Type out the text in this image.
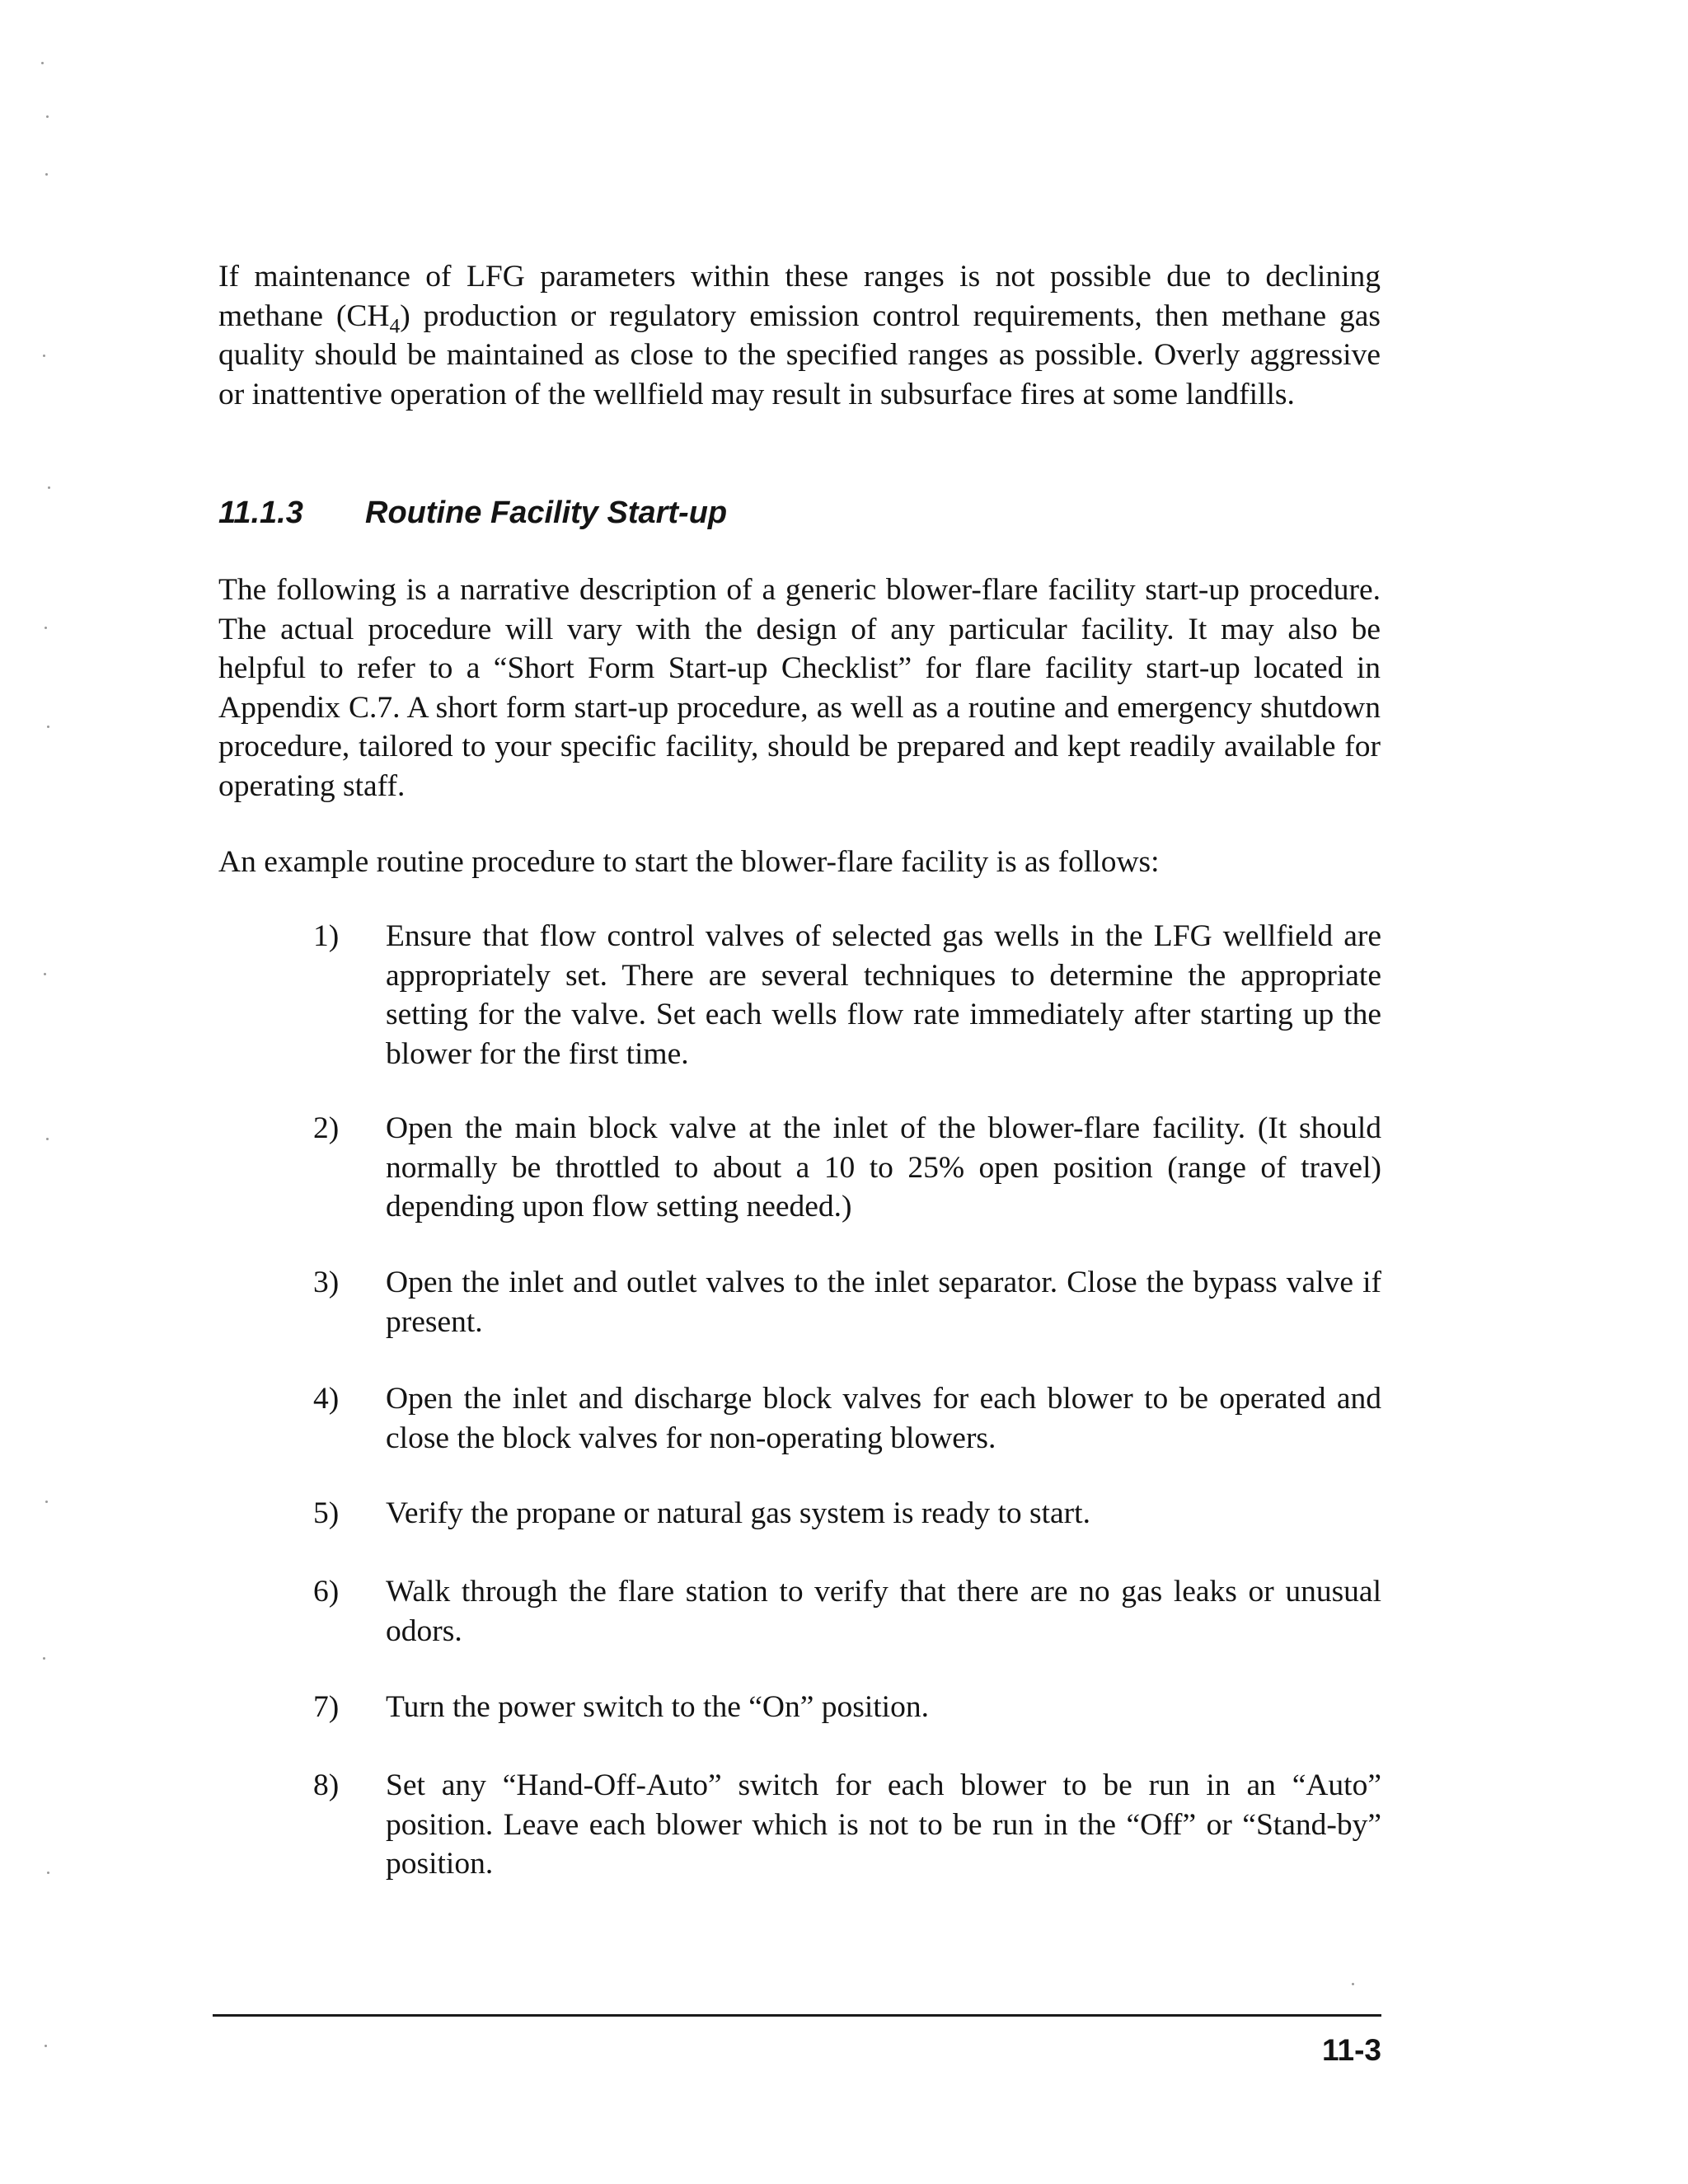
If maintenance of LFG parameters within these ranges is not possible due to declining methane $(CH_4)$ production or regulatory emission control requirements, then methane gas quality should be maintained as close to the specified ranges as possible. Overly aggressive or inattentive operation of the wellfield may result in subsurface fires at some landfills.

11.1.3 Routine Facility Start-up

The following is a narrative description of a generic blower-flare facility start-up procedure. The actual procedure will vary with the design of any particular facility. It may also be helpful to refer to a “Short Form Start-up Checklist” for flare facility start-up located in Appendix C.7. A short form start-up procedure, as well as a routine and emergency shutdown procedure, tailored to your specific facility, should be prepared and kept readily available for operating staff.

An example routine procedure to start the blower-flare facility is as follows:

1) Ensure that flow control valves of selected gas wells in the LFG wellfield are appropriately set. There are several techniques to determine the appropriate setting for the valve. Set each wells flow rate immediately after starting up the blower for the first time.
2) Open the main block valve at the inlet of the blower-flare facility. (It should normally be throttled to about a 10 to 25% open position (range of travel) depending upon flow setting needed.)
3) Open the inlet and outlet valves to the inlet separator. Close the bypass valve if present.
4) Open the inlet and discharge block valves for each blower to be operated and close the block valves for non-operating blowers.
5) Verify the propane or natural gas system is ready to start.
6) Walk through the flare station to verify that there are no gas leaks or unusual odors.
7) Turn the power switch to the “On” position.
8) Set any “Hand-Off-Auto” switch for each blower to be run in an “Auto” position. Leave each blower which is not to be run in the “Off” or “Stand-by” position.
11-3
